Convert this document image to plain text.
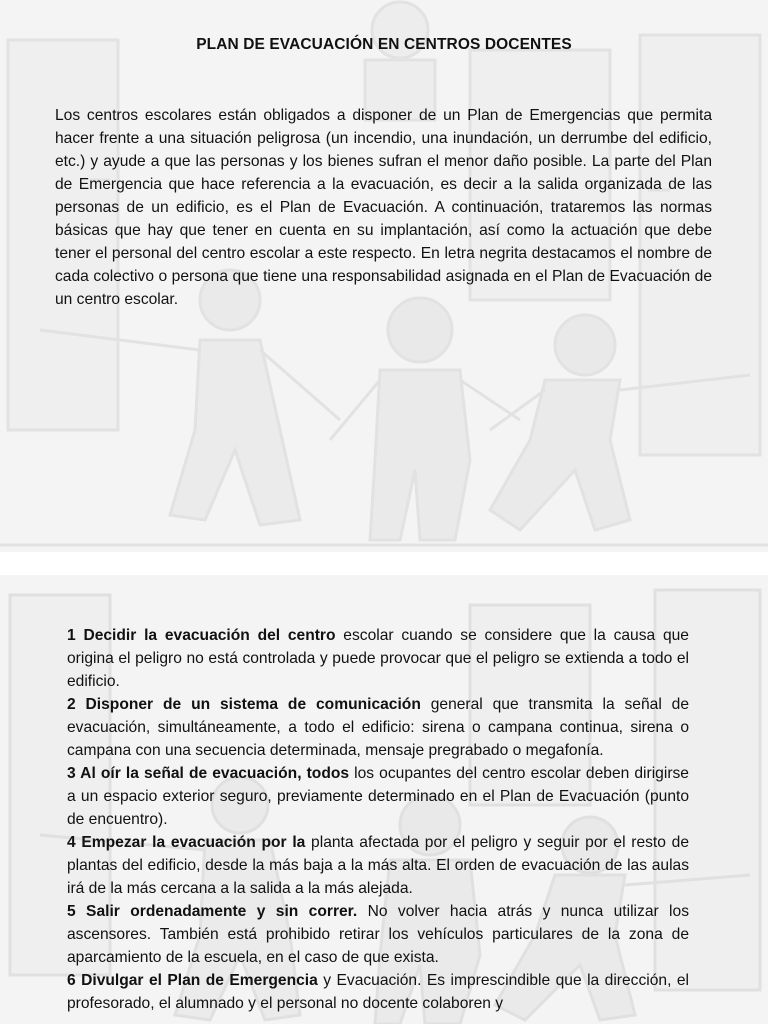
PLAN DE EVACUACIÓN EN CENTROS DOCENTES

Los centros escolares están obligados a disponer de un Plan de Emergencias que permita hacer frente a una situación peligrosa (un incendio, una inundación, un derrumbe del edificio, etc.) y ayude a que las personas y los bienes sufran el menor daño posible. La parte del Plan de Emergencia que hace referencia a la evacuación, es decir a la salida organizada de las personas de un edificio, es el Plan de Evacuación. A continuación, trataremos las normas básicas que hay que tener en cuenta en su implantación, así como la actuación que debe tener el personal del centro escolar a este respecto. En letra negrita destacamos el nombre de cada colectivo o persona que tiene una responsabilidad asignada en el Plan de Evacuación de un centro escolar.

1 Decidir la evacuación del centro escolar cuando se considere que la causa que origina el peligro no está controlada y puede provocar que el peligro se extienda a todo el edificio.

2 Disponer de un sistema de comunicación general que transmita la señal de evacuación, simultáneamente, a todo el edificio: sirena o campana continua, sirena o campana con una secuencia determinada, mensaje pregrabado o megafonía.

3 Al oír la señal de evacuación, todos los ocupantes del centro escolar deben dirigirse a un espacio exterior seguro, previamente determinado en el Plan de Evacuación (punto de encuentro).

4 Empezar la evacuación por la planta afectada por el peligro y seguir por el resto de plantas del edificio, desde la más baja a la más alta. El orden de evacuación de las aulas irá de la más cercana a la salida a la más alejada.

5 Salir ordenadamente y sin correr. No volver hacia atrás y nunca utilizar los ascensores. También está prohibido retirar los vehículos particulares de la zona de aparcamiento de la escuela, en el caso de que exista.

6 Divulgar el Plan de Emergencia y Evacuación. Es imprescindible que la dirección, el profesorado, el alumnado y el personal no docente colaboren y
